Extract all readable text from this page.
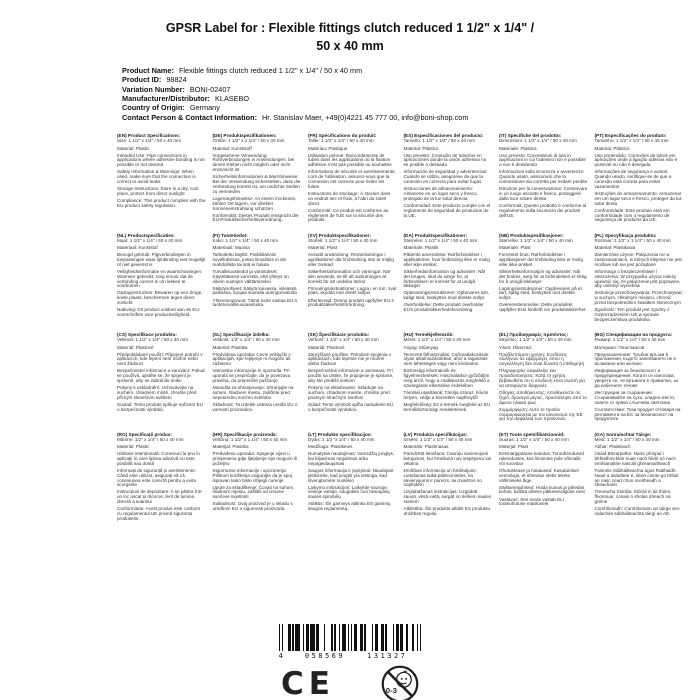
GPSR Label for : Flexible fittings clutch reduced 1 1/2" x 1/4" /
50 x 40 mm
Product Name: Flexible fittings clutch reduced 1 1/2" x 1/4" / 50 x 40 mm
Product ID: 98824
Variation Number: BONI-02407
Manufacturer/Distributor: KLASEBO
Country of Origin: Germany
Contact Person & Contact Information: Hr. Stanislav Maer, +49(0)4221 45 777 00, info@boni-shop.com
(EN) Product Specifications:
Size: 1 1/2" x 1/4" / 50 x 40 mm
Material: Plastic
Intended Use: Pipe connections in applications where adhesive bonding is not possible or not desired
Safety Information & Warnings: When used, make sure that the connection is correct to avoid leaks
Storage Instructions: Store in a dry, cool place, protect from direct sunlight
Compliance: This product complies with the EU product safety regulation.
(DE) Produktspezifikationen:
Größe: 1 1/2" x 1 1/4" / 50 x 40 mm
Material: Kunststoff
Vorgesehene Verwendung: Rohrverbindungen in Anwendungen, bei denen Kleben nicht möglich oder nicht erwünscht ist
Sicherheitsinformationen & Warnhinweise: Bei der Verwendung sicherstellen, dass die Verbindung korrekt ist, um undichte Stellen zu vermeiden
Lagerungshinweise: An einem trockenen, kühlen Ort lagern, vor direkter Sonneneinstrahlung schützen
Konformität: Dieses Produkt entspricht der EU-Produktsicherheitsverordnung.
(FR) Spécifications du produit:
Taille: 1 1/2" x 1/4" / 50 x 40 mm
Matériau: Plastique
Utilisation prévue: Raccordements de tubes dans les applications où la fixation adhésive n'est pas possible ou souhaitée
Informations de sécurité et avertissements: Lors de l'utilisation, assurez-vous que la connexion est correcte pour éviter les fuites
Instructions de stockage: À stocker dans un endroit sec et frais, à l'abri du soleil direct
Conformité: Ce produit est conforme au règlement de l'UE sur la sécurité des produits.
(ES) Especificaciones del producto:
Tamaño: 1 1/2" x 1/4" / 50 x 40 mm
Material: Plástico
Uso previsto: Conexión de tuberías en aplicaciones donde la unión adhesiva no es posible o deseada
Información de seguridad y advertencias: Cuando se utiliza, asegúrese de que la conexión es correcta para evitar fugas
Instrucciones de almacenamiento: Almacene en un lugar seco y fresco, protegido de la luz solar directa
Conformidad: Este producto cumple con el reglamento de seguridad de productos de la UE.
(IT) Specifiche del prodotto:
Dimensioni: 1 1/2" x 1/4" / 50 x 40 mm
Materiale: Plastica
Uso previsto: Connessioni di tubi in applicazioni in cui l'adesivo non è possibile o non è desiderato
Informazioni sulla sicurezza e avvertenze: Quando usato, assicurarsi che la connessione sia corretta per evitare perdite
Istruzioni per la conservazione: Conservare in un luogo asciutto e fresco, proteggere dalla luce solare diretta
Conformità: Questo prodotto è conforme al regolamento sulla sicurezza dei prodotti dell'UE.
(PT) Especificações do produto:
Tamanho: 1 1/2" x 1/4" / 50 x 40 mm
Material: Plástico
Uso pretendido: Conexões de tubos em aplicações onde a ligação adesiva não é possível ou não é desejada
Informações de segurança e avisos: Quando usado, certifique-se de que a conexão está correta para evitar vazamentos
Instruções de armazenamento: Armazenar em um lugar seco e fresco, proteger da luz solar direta
Conformidade: Este produto está em conformidade com o regulamento de segurança de produtos da UE.
(NL) Productspecificaties:
Maat: 1 1/2" x 1/4" / 50 x 40 mm
Materiaal: Kunststof
Beoogd gebruik: Pijpverbindingen in toepassingen waar lijmbinding niet mogelijk of niet gewenst is
Veiligheidsinformatie en waarschuwingen: Wanneer gebruikt, zorg ervoor dat de verbinding correct is om lekken te voorkomen
Opslaginstructies: Bewaren op een droge, koele plaats, beschermen tegen direct zonlicht
Naleving: Dit product voldoet aan de EU-voorschriften voor productveiligheid.
(FI) Tuotetiedot:
Koko: 1 1/2" x 1/4" / 50 x 40 mm
Materiaali: Muovia
Tarkoitettu käyttö: Putkiliitännät sovelluksissa, joissa liimaliitos ei ole mahdollista tai sitä ei haluta
Turvallisuustiedot ja varoitukset: Käytettäessä varmista, että yhteys on oikein vuotojen välttämiseksi
Säilytysohjeet: Säilytä kuivassa, viileässä paikassa, suojaa suoralta auringonvalolta
Yhteensopivuus: Tämä tuote vastaa EU:n tuoteturvallisuusasetusta.
(SV) Produktspecifikationer:
Storlek: 1 1/2" x 1/4" / 50 x 40 mm
Material: Plast
Avsedd användning: Röranslutningar i applikationer där limbindning inte är möjlig eller önskad
Säkerhetsinformation och varningar: När den används, se till att anslutningen är korrekt för att undvika läckor
Förvaringsinstruktioner: Lagra i en torr, sval plats, skydda mot direkt solljus
Efterlevnad: Denna produkt uppfyller EU:s produktsäkerhetsförordning.
(DA) Produktspecifikationer:
Størrelse: 1 1/2" x 1/4" / 50 x 40 mm
Materiale: Plastik
Påtænkt anvendelse: Rørforbindelser i applikationer, hvor limbinding ikke er mulig eller ikke ønsket
Sikkerhedsinformation og advarsler: Når det bruges, skal du sørge for, at forbindelsen er korrekt for at undgå lækager
Opbevaringsinstruktioner: Opbevares tørt, køligt sted, beskyttes mod direkte sollys
Overholdelse: Dette produkt overholder EU's produktsikkerhedsforordning.
(NB) Produktspesifikasjoner:
Størrelse: 1 1/2" x 1/4" / 50 x 40 mm
Materiale: Plast
Forventet bruk: Rørforbindelser i applikasjoner der limbinding ikke er mulig eller ikke ønsket
Sikkerhetsinformasjon og advarsler: Når det brukes, sørg for at forbindelsen er riktig for å unngå lekkasjer
Lagringsinstruksjoner: Oppbevares på et tørt, kjølig sted, beskyttes mot direkte sollys
Overensstemmelse: Dette produktet oppfyller EUs forskrift om produktsikkerhet.
(PL) Specyfikacja produktu:
Rozmiar: 1 1/2" x 1 1/4" / 50 x 40 mm
Materiał: Plastikowa
Zamierzone użycie: Połączenia rur w zastosowaniach, w których klejenie nie jest możliwe lub nie jest pożądane
Informacja o bezpieczeństwie i ostrzeżenia: W przypadku użycia należy upewnić się, że połączenie jest poprawne, aby uniknąć wycieków
Instrukcje przechowywania: Przechowywać w suchym, chłodnym miejscu, chronić przed bezpośrednim światłem słonecznym
Zgodność: Ten produkt jest zgodny z rozporządzeniem UE w sprawie bezpieczeństwa produktów.
(CS) Specifikace produktu:
Velikost: 1 1/2" x 1/4" / 50 x 40 mm
Materiál: Plastové
Předpokládané použití: Připojení potrubí v aplikacích, kde lepení není možné nebo není žádoucí
Bezpečnostní informace a varování: Pokud se používá, ujistěte se, že spojení je správné, aby se zabránilo úniku
Pokyny k uskladnění: Uchovávejte na suchém, chladném místě, chraňte před přímým slunečním světlem
Soulad: Tento produkt splňuje nařízení EU o bezpečnosti výrobků.
(SL) Specifikacije izdelka:
Velikost: 1/2" x 1/4" / 50 x 40 mm
Material: Plastika
Predvidena uporaba: Cevni priključki v aplikacijah, kjer lepljenje ni mogoče ali zaželeno
Varnostne informacije in opozorila: Pri uporabi se prepričajte, da je povezava pravilna, da preprečite puščanje
Navodila za shranjevanje: Shranjujte na suhem, hladnem mestu, zaščitite pred neposredno sončno svetlobo
Skladnost: Ta izdelek ustreza uredbi EU o varnosti proizvodov.
(SK) Špecifikácie produktu:
Veľkosť: 1 1/2" x 1/4" / 50 x 40 mm
Materiál: Plastové
Zamýšľané použitie: Potrubné spojenia v aplikáciách, kde lepenie nie je možné alebo žiaduce
Bezpečnostné informácie a varovania: Pri použití sa uistite, že pripojenie je správne, aby ste predišli únikom
Pokyny na skladovanie: Skladujte na suchom, chladnom mieste, chráňte pred priamym slnečným svetlom
Súlad: Tento výrobok spĺňa nariadenie EÚ o bezpečnosti výrobkov.
(HU) Termékjellemzők:
Méret: 1 1/2" x 1/4" / 50 x 40 mm
Anyag: Műanyag
Tervezett felhasználás: Csőcsatlakozások olyan alkalmazásokban, ahol a ragasztás nem lehetséges vagy nem kívánatos
Biztonsági információk és figyelmeztetések: Használatkor győződjön meg arról, hogy a csatlakozás megfelelő a szivárgások elkerülése érdekében
Tárolási utasítások: Tárolja száraz, hűvös helyen, védje a közvetlen napfénytől
Megfelelőség: Ez a termék megfelel az EU termékbiztonsági rendeletének.
(EL) Προδιαγραφές προϊόντος:
Μέγεθος: 1 1/2" x 1/4" / 50 x 40 mm
Υλικό: Πλαστικό
Προβλεπόμενη χρήση: Συνδέσεις σωλήνων σε εφαρμογές όπου η συγκόλληση δεν είναι δυνατή ή επιθυμητή
Πληροφορίες ασφαλείας και προειδοποιήσεις: Κατά τη χρήση, βεβαιωθείτε ότι η σύνδεση είναι σωστή για να αποφύγετε διαρροές
Οδηγίες αποθήκευσης: Αποθηκεύστε σε ξηρό, δροσερό μέρος, προστατέψτε από το άμεσο ηλιακό φως
Συμμόρφωση: Αυτό το προϊόν συμμορφώνεται με τον κανονισμό της ΕΕ για την ασφάλεια των προϊόντων.
(BG) Спецификации на продукта:
Размер: 1 1/2" x 1/4" / 50 x 40 mm
Материал: Пластмасов
Предназначение: Тръбни връзки в приложения, където залепването не е възможно или желано
Информация за безопасност и предупреждения: Когато се използва, уверете се, че връзката е правилна, за да избегнете течове
Инструкции за съхранение: Съхранявайте на сухо, хладно място, пазете от пряка слънчева светлина
Съответствие: Този продукт отговаря на регламента на ЕС за безопасност на продуктите.
(RO) Specificații produs:
Mărime: 1/2" x 1/4" / 50 x 40 mm
Material: Plastic
Utilizare intenționată: Conexiuni la țevi în aplicații în care lipirea adezivă nu este posibilă sau dorită
Informații de siguranță și avertismente: Când este utilizat, asigurați-vă că conexiunea este corectă pentru a evita scurgerile
Instrucțiuni de depozitare: A se păstra într-un loc uscat și răcoros, ferit de lumina directă a soarelui
Conformitate: Acest produs este conform cu regulamentul UE privind siguranța produselor.
(HR) Specifikacije proizvoda:
Veličina: 1 1/2" x 1 1/4" / 50 x 40 mm
Materijal: Plastika
Predviđena uporaba: Spajanje cijevi u primjenama gdje lijepljenje nije moguće ili poželjno
Sigurnosne informacije i upozorenja: Prilikom korištenja osigurajte da je spoj ispravan kako biste izbjegli curenje
Upute za skladištenje: Čuvati na suhom, hladnom mjestu, zaštititi od izravne sunčeve svjetlosti
Sukladnost: Ovaj proizvod je u skladu s uredbom EU o sigurnosti proizvoda.
(LT) Produkto specifikacijos:
Dydis: 1 1/2 "x 1/4" / 50 x 40 mm
Medžiaga: Plastikinės
Numatytas naudojimas: Vamzdžių jungtys, kai klijavimas negalimas arba nepageidaujamas
Saugos informacija ir įspėjimai: Naudojant įsitikinkite, kad jungtis yra teisinga, kad išvengtumėte nuotėkio
Laikymo instrukcijos: Laikykite sausoje, vėsioje vietoje, saugokite nuo tiesioginių saulės spindulių
Atitiktis: Šis gaminys atitinka ES gaminių saugos reglamentą.
(LV) Produkta specifikācijas:
Izmērs: 1 1/2" x 1/4" / 50 x 40 mm
Materiāls: Plastmasas
Paredzētā lietošana: Cauruļu savienojumi lietojumos, kur līmēšana nav iespējama vai vēlama
Drošības informācija un brīdinājumi: Lietošanas laikā pārliecinieties, ka savienojums ir pareizs, lai izvairītos no noplūdēm
Uzglabāšanas instrukcijas: Uzglabāt sausā, vēsā vietā, sargāt no tiešiem saules stariem
Atbilstība: Šis produkts atbilst ES produktu drošības regulai.
(ET) Toote spetsifikatsioonid:
Suurus: 1 1/2" x 1/4" / 50 x 40 mm
Materjal: Plast
Eesmärgipärane kasutus: Toruühendused rakendustes, kus liimimine pole võimalik või soovitav
Ohutusteave ja hoiatused: Kasutamisel veenduge, et ühendus oleks lekete vältimiseks õige
Säilitamisjuhised: Hoida kuivas ja jahedas kohas, kaitsta otsese päikesevalguse eest
Vastavus: See toode vastab ELi tooteohutuse määrusele.
(GA) Sonraíochtaí Táirge:
Méid: 1 1/2" x 1/4" / 50 x 40 mm
Ábhar: Plaisteach
Úsáid Bheartaithe: Naisc phíopaí i bhfeidhmchláir nuair nach féidir nó nach inmhianaithe nascáil ghreamaitheach
Faisnéis Sábháilteachta agus Rabhaidh: Nuair a úsáidtear é, déan cinnte go bhfuil an nasc ceart chun sceitheadh a sheachaint
Treoracha Stórála: Stóráil in áit thirim, fhionnuar, cosain ó sholas díreach na gréine
Comhlíonadh: Comhlíonann an táirge seo rialachán sábháilteachta táirgí an AE.
4	058569	131327
CE	0-3
